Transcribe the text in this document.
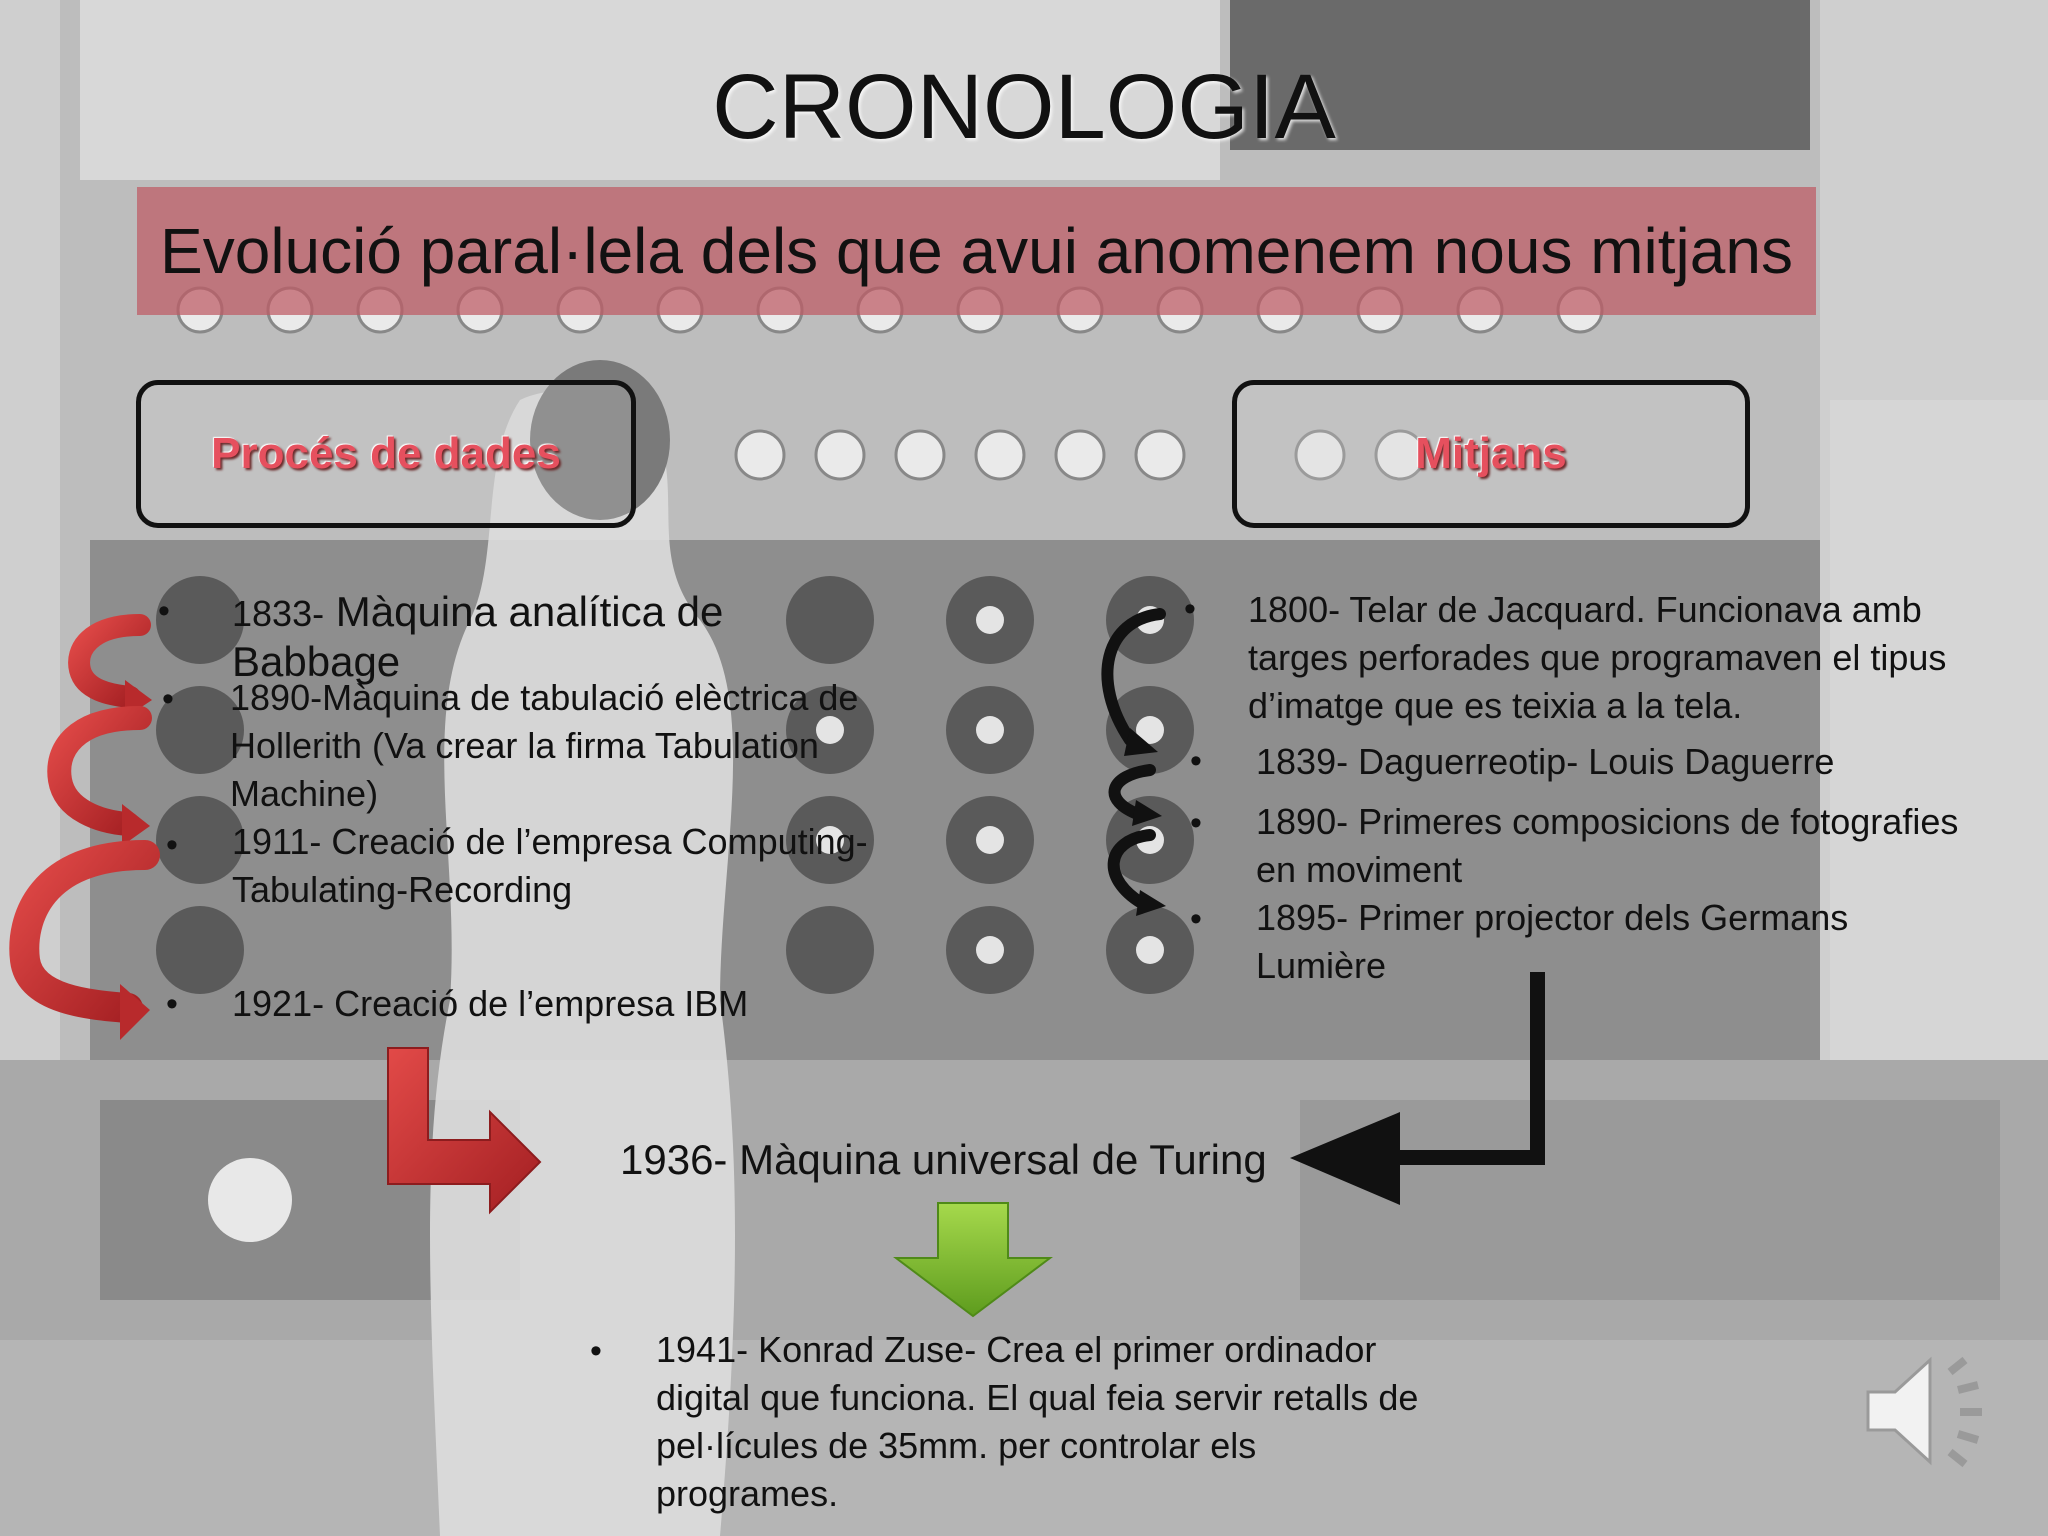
CRONOLOGIA
Evolució paral·lela dels que avui anomenem nous mitjans
Procés de dades	Mitjans
• 1833- Màquina analítica de Babbage
• 1890-Màquina de tabulació elèctrica de Hollerith (Va crear la firma Tabulation Machine)
• 1911- Creació de l’empresa Computing-Tabulating-Recording
• 1921- Creació de l’empresa IBM
• 1800- Telar de Jacquard. Funcionava amb targes perforades que programaven el tipus d’imatge que es teixia a la tela.
• 1839- Daguerreotip- Louis Daguerre
• 1890- Primeres composicions de fotografies en moviment
• 1895- Primer projector dels Germans Lumière
1936- Màquina universal de Turing
• 1941- Konrad Zuse- Crea el primer ordinador digital que funciona. El qual feia servir retalls de pel·lícules de 35mm. per controlar els programes.
